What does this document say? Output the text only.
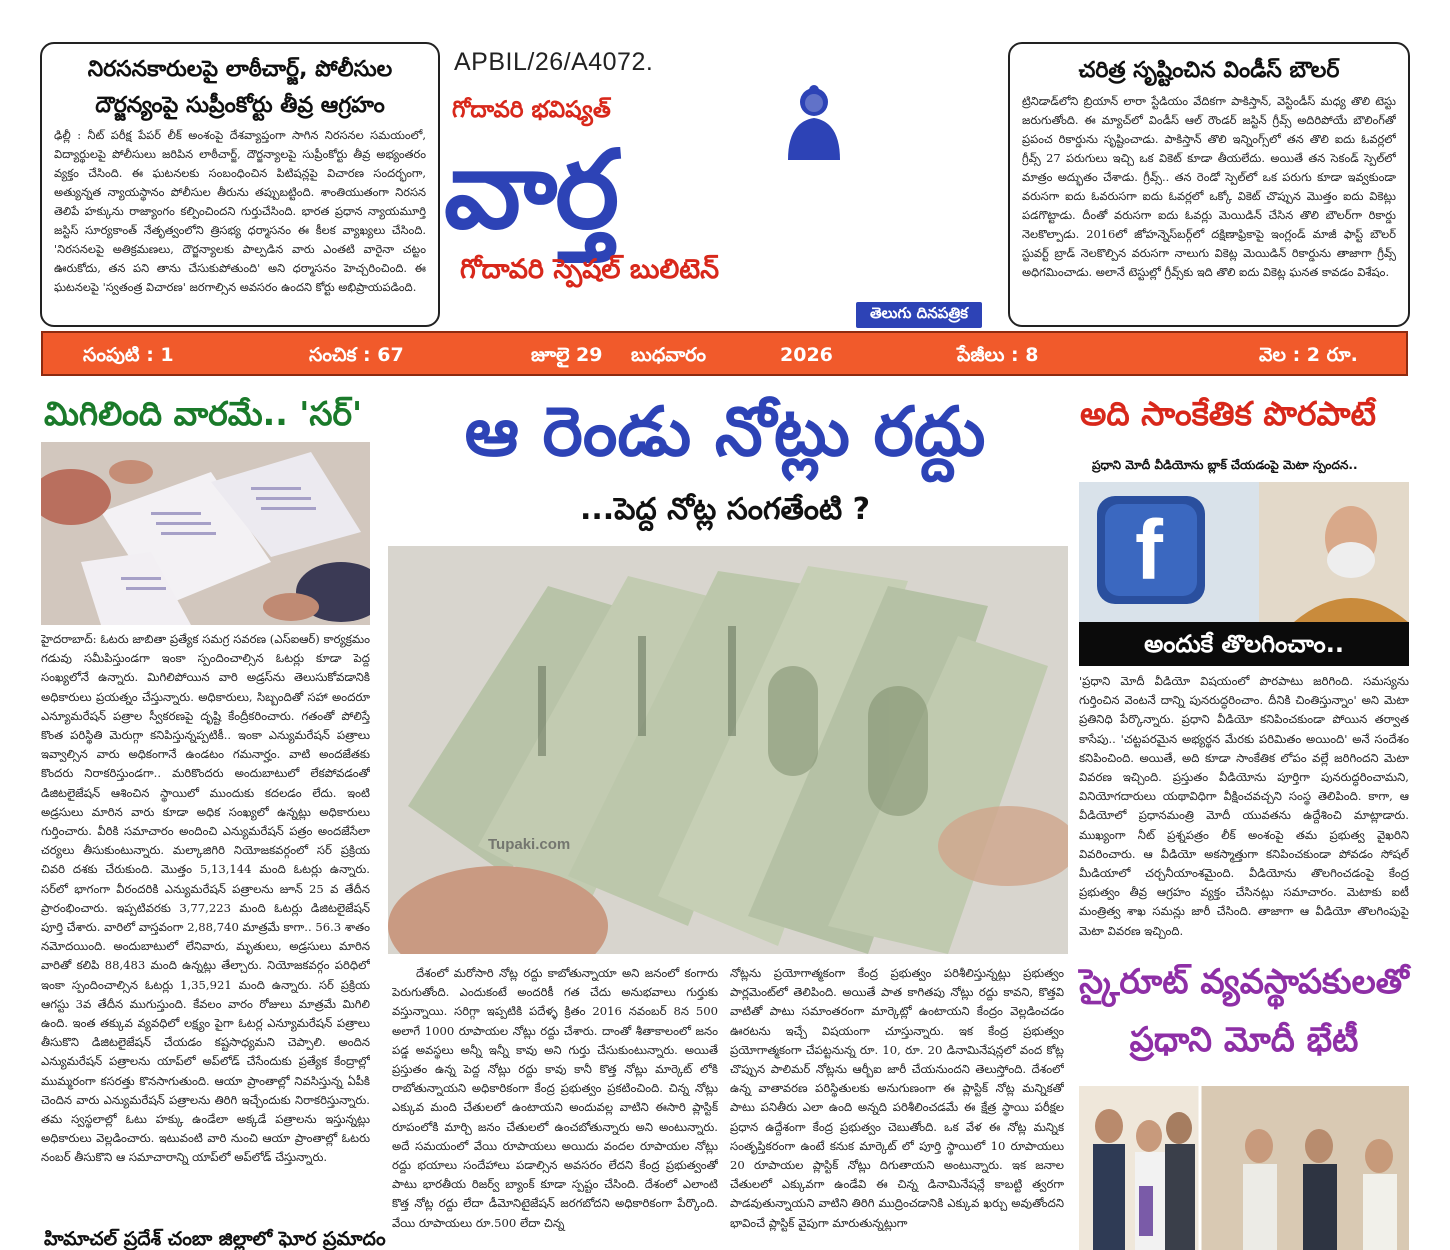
నిరసనకారులపై లాఠీచార్జ్, పోలీసుల
దౌర్జన్యంపై సుప్రీంకోర్టు తీవ్ర ఆగ్రహం
ఢిల్లీ : నీట్ పరీక్ష పేపర్ లీక్ అంశంపై దేశవ్యాప్తంగా సాగిన నిరసనల సమయంలో, విద్యార్థులపై పోలీసులు జరిపిన లాఠీచార్జ్, దౌర్జన్యాలపై సుప్రీంకోర్టు తీవ్ర అభ్యంతరం వ్యక్తం చేసింది. ఈ ఘటనలకు సంబంధించిన పిటిషన్లపై విచారణ సందర్భంగా, అత్యున్నత న్యాయస్థానం పోలీసుల తీరును తప్పుబట్టింది. శాంతియుతంగా నిరసన తెలిపే హక్కును రాజ్యాంగం కల్పించిందని గుర్తుచేసింది. భారత ప్రధాన న్యాయమూర్తి జస్టిస్ సూర్యకాంత్ నేతృత్వంలోని త్రిసభ్య ధర్మాసనం ఈ కీలక వ్యాఖ్యలు చేసింది. 'నిరసనలపై అతిక్రమణలు, దౌర్జన్యాలకు పాల్పడిన వారు ఎంతటి వారైనా చట్టం ఊరుకోదు, తన పని తాను చేసుకుపోతుంది' అని ధర్మాసనం హెచ్చరించింది. ఈ ఘటనలపై 'స్వతంత్ర విచారణ' జరగాల్సిన అవసరం ఉందని కోర్టు అభిప్రాయపడింది.
APBIL/26/A4072.
గోదావరి భవిష్యత్
వార్త
గోదావరి స్పెషల్ బులిటెన్
తెలుగు దినపత్రిక
చరిత్ర సృష్టించిన విండీస్ బౌలర్
ట్రినిడాడ్‌లోని బ్రియాన్ లారా స్టేడియం వేదికగా పాకిస్తాన్, వెస్టిండీస్ మధ్య తొలి టెస్టు జరుగుతోంది. ఈ మ్యాచ్‌లో విండీస్ ఆల్ రౌండర్ జస్టిన్ గ్రీవ్స్ అదిరిపోయే బౌలింగ్‌తో ప్రపంచ రికార్డును సృష్టించాడు. పాకిస్తాన్ తొలి ఇన్నింగ్స్‌లో తన తొలి ఐదు ఓవర్లలో గ్రీవ్స్ 27 పరుగులు ఇచ్చి ఒక వికెట్ కూడా తీయలేదు. అయితే తన సెకండ్ స్పెల్‌లో మాత్రం అద్భుతం చేశాడు. గ్రీవ్స్.. తన రెండో స్పెల్‌లో ఒక పరుగు కూడా ఇవ్వకుండా వరుసగా ఐదు ఓవరుసగా ఐదు ఓవర్లలో ఒక్కో వికెట్ చొప్పున మొత్తం ఐదు వికెట్లు పడగొట్టాడు. దీంతో వరుసగా ఐదు ఓవర్లు మెయిడిన్ చేసిన తొలి బౌలర్‌గా రికార్డు నెలకొల్పాడు. 2016లో జోహన్నెస్‌బర్గ్‌లో దక్షిణాఫ్రికాపై ఇంగ్లండ్ మాజీ ఫాస్ట్ బౌలర్ స్టువర్ట్ బ్రాడ్ నెలకొల్పిన వరుసగా నాలుగు వికెట్ల మెయిడిన్ రికార్డును తాజాగా గ్రీవ్స్ అధిగమించాడు. అలానే టెస్టుల్లో గ్రీవ్స్‌కు ఇది తొలి ఐదు వికెట్ల ఘనత కావడం విశేషం.
సంపుటి : 1	సంచిక : 67	జూలై 29 బుధవారం	2026	పేజీలు : 8	వెల : 2 రూ.
మిగిలింది వారమే.. 'సర్'
హైదరాబాద్: ఓటరు జాబితా ప్రత్యేక సమగ్ర సవరణ (ఎస్ఐఆర్) కార్యక్రమం గడువు సమీపిస్తుండగా ఇంకా స్పందించాల్సిన ఓటర్లు కూడా పెద్ద సంఖ్యలోనే ఉన్నారు. మిగిలిపోయిన వారి అడ్రస్‌ను తెలుసుకోవడానికి అధికారులు ప్రయత్నం చేస్తున్నారు. అధికారులు, సిబ్బందితో సహా అందరూ ఎన్యూమరేషన్ పత్రాల స్వీకరణపై దృష్టి కేంద్రీకరించారు. గతంతో పోలిస్తే కొంత పరిస్థితి మెరుగ్గా కనిపిస్తున్నప్పటికీ.. ఇంకా ఎన్యుమరేషన్ పత్రాలు ఇవ్వాల్సిన వారు అధికంగానే ఉండటం గమనార్హం. వాటి అందజేతకు కొందరు నిరాకరిస్తుండగా.. మరికొందరు అందుబాటులో లేకపోవడంతో డిజిటలైజేషన్ ఆశించిన స్థాయిలో ముందుకు కదలడం లేదు. ఇంటి అడ్రసులు మారిన వారు కూడా అధిక సంఖ్యలో ఉన్నట్లు అధికారులు గుర్తించారు. వీరికి సమాచారం అందించి ఎన్యుమరేషన్ పత్రం అందజేసేలా చర్యలు తీసుకుంటున్నారు. మల్కాజిగిరి నియోజకవర్గంలో సర్ ప్రక్రియ చివరి దశకు చేరుకుంది. మొత్తం 5,13,144 మంది ఓటర్లు ఉన్నారు. సర్‌లో భాగంగా వీరందరికి ఎన్యుమరేషన్ పత్రాలను జూన్ 25 వ తేదీన ప్రారంభించారు. ఇప్పటివరకు 3,77,223 మంది ఓటర్లు డిజిటలైజేషన్ పూర్తి చేశారు. వారిలో వాస్తవంగా 2,88,740 మాత్రమే కాగా.. 56.3 శాతం నమోదయింది. అందుబాటులో లేనివారు, మృతులు, అడ్రసులు మారిన వారితో కలిపి 88,483 మంది ఉన్నట్లు తేల్చారు. నియోజకవర్గం పరిధిలో ఇంకా స్పందించాల్సిన ఓటర్లు 1,35,921 మంది ఉన్నారు. సర్ ప్రక్రియ ఆగస్టు 3వ తేదీన ముగుస్తుంది. కేవలం వారం రోజులు మాత్రమే మిగిలి ఉంది. ఇంత తక్కువ వ్యవధిలో లక్ష్యం పైగా ఓటర్ల ఎన్యూమరేషన్ పత్రాలు తీసుకొని డిజిటలైజేషన్ చేయడం కష్టసాధ్యమని చెప్పాలి. అందిన ఎన్యుమరేషన్ పత్రాలను యాప్‌లో అప్‌లోడ్ చేసేందుకు ప్రత్యేక కేంద్రాల్లో ముమ్మరంగా కసరత్తు కొనసాగుతుంది. ఆయా ప్రాంతాల్లో నివసిస్తున్న ఏపీకి చెందిన వారు ఎన్యుమరేషన్ పత్రాలను తిరిగి ఇచ్చేందుకు నిరాకరిస్తున్నారు. తమ స్వస్థలాల్లో ఓటు హక్కు ఉండేలా అక్కడే పత్రాలను ఇస్తున్నట్లు అధికారులు వెల్లడించారు. ఇటువంటి వారి నుంచి ఆయా ప్రాంతాల్లో ఓటరు నంబర్ తీసుకొని ఆ సమాచారాన్ని యాప్‌లో అప్‌లోడ్ చేస్తున్నారు.
హిమాచల్ ప్రదేశ్ చంబా జిల్లాలో ఘోర ప్రమాదం
ఆ రెండు నోట్లు రద్దు
...పెద్ద నోట్ల సంగతేంటి ?
Tupaki.com
దేశంలో మరోసారి నోట్ల రద్దు కాబోతున్నాయా అని జనంలో కంగారు పెరుగుతోంది. ఎందుకంటే అందరికీ గత చేదు అనుభవాలు గుర్తుకు వస్తున్నాయి. సరిగ్గా ఇప్పటికి పదేళ్ళ క్రితం 2016 నవంబర్ 8న 500 అలాగే 1000 రూపాయల నోట్లు రద్దు చేశారు. దాంతో శీతాకాలంలో జనం పడ్డ అవస్థలు అన్నీ ఇన్నీ కావు అని గుర్తు చేసుకుంటున్నారు. అయితే ప్రస్తుతం ఉన్న పెద్ద నోట్లు రద్దు కావు కానీ కొత్త నోట్లు మార్కెట్ లోకి రాబోతున్నాయని అధికారికంగా కేంద్ర ప్రభుత్వం ప్రకటించింది. చిన్న నోట్లు ఎక్కువ మంది చేతులలో ఉంటాయని అందువల్ల వాటిని ఈసారి ప్లాస్టిక్ రూపంలోకి మార్చి జనం చేతులలో ఉంచబోతున్నారు అని అంటున్నారు. అదే సమయంలో వేయి రూపాయలు అయిదు వందల రూపాయల నోట్లు రద్దు భయాలు సందేహాలు పడాల్సిన అవసరం లేదని కేంద్ర ప్రభుత్వంతో పాటు భారతీయ రిజర్వ్ బ్యాంక్ కూడా స్పష్టం చేసింది. దేశంలో ఎలాంటి కొత్త నోట్ల రద్దు లేదా డీమోనిటైజేషన్ జరగబోదని అధికారికంగా పేర్కొంది. వేయి రూపాయలు రూ.500 లేదా చిన్న
నోట్లను ప్రయోగాత్మకంగా కేంద్ర ప్రభుత్వం పరిశీలిస్తున్నట్లు ప్రభుత్వం పార్లమెంట్‌లో తెలిపింది. అయితే పాత కాగితపు నోట్లు రద్దు కావని, కొత్తవి వాటితో పాటు సమాంతరంగా మార్కెట్లో ఉంటాయని కేంద్రం వెల్లడించడం ఊరటను ఇచ్చే విషయంగా చూస్తున్నారు. ఇక కేంద్ర ప్రభుత్వం ప్రయోగాత్మకంగా చేపట్టనున్న రూ. 10, రూ. 20 డినామినేషన్లలో వంద కోట్ల చొప్పున పాలిమర్ నోట్లను ఆర్బీఐ జారీ చేయనుందని తెలుస్తోంది. దేశంలో ఉన్న వాతావరణ పరిస్థితులకు అనుగుణంగా ఈ ప్లాస్టిక్ నోట్ల మన్నికతో పాటు పనితీరు ఎలా ఉంది అన్నది పరిశీలించడమే ఈ క్షేత్ర స్థాయి పరీక్షల ప్రధాన ఉద్దేశంగా కేంద్ర ప్రభుత్వం చెబుతోంది. ఒక వేళ ఈ నోట్ల మన్నిక సంతృప్తికరంగా ఉంటే కనుక మార్కెట్ లో పూర్తి స్థాయిలో 10 రూపాయలు 20 రూపాయల ప్లాస్టిక్ నోట్లు దిగుతాయని అంటున్నారు. ఇక జనాల చేతులలో ఎక్కువగా ఉండేవి ఈ చిన్న డినామినేషన్లే కాబట్టి త్వరగా పాడవుతున్నాయని వాటిని తిరిగి ముద్రించడానికి ఎక్కువ ఖర్చు అవుతోందని భావించే ప్లాస్టిక్ వైపుగా మారుతున్నట్లుగా
అది సాంకేతిక పొరపాటే
ప్రధాని మోదీ వీడియోను బ్లాక్ చేయడంపై మెటా స్పందన..
f
అందుకే తొలగించాం..
'ప్రధాని మోదీ వీడియో విషయంలో పొరపాటు జరిగింది. సమస్యను గుర్తించిన వెంటనే దాన్ని పునరుద్ధరించాం. దీనికి చింతిస్తున్నాం' అని మెటా ప్రతినిధి పేర్కొన్నారు. ప్రధాని వీడియో కనిపించకుండా పోయిన తర్వాత కాసేపు.. 'చట్టపరమైన అభ్యర్థన మేరకు పరిమితం అయింది' అనే సందేశం కనిపించింది. అయితే, అది కూడా సాంకేతిక లోపం వల్లే జరిగిందని మెటా వివరణ ఇచ్చింది. ప్రస్తుతం వీడియోను పూర్తిగా పునరుద్ధరించామని, వినియోగదారులు యథావిధిగా వీక్షించవచ్చని సంస్థ తెలిపింది. కాగా, ఆ వీడియోలో ప్రధానమంత్రి మోదీ యువతను ఉద్దేశించి మాట్లాడారు. ముఖ్యంగా నీట్ ప్రశ్నపత్రం లీక్ అంశంపై తమ ప్రభుత్వ వైఖరిని వివరించారు. ఆ వీడియో అకస్మాత్తుగా కనిపించకుండా పోవడం సోషల్ మీడియాలో చర్చనీయాంశమైంది. వీడియోను తొలగించడంపై కేంద్ర ప్రభుత్వం తీవ్ర ఆగ్రహం వ్యక్తం చేసినట్లు సమాచారం. మెటాకు ఐటీ మంత్రిత్వ శాఖ సమన్లు జారీ చేసింది. తాజాగా ఆ వీడియో తొలగింపుపై మెటా వివరణ ఇచ్చింది.
స్కైరూట్ వ్యవస్థాపకులతో
ప్రధాని మోదీ భేటీ
